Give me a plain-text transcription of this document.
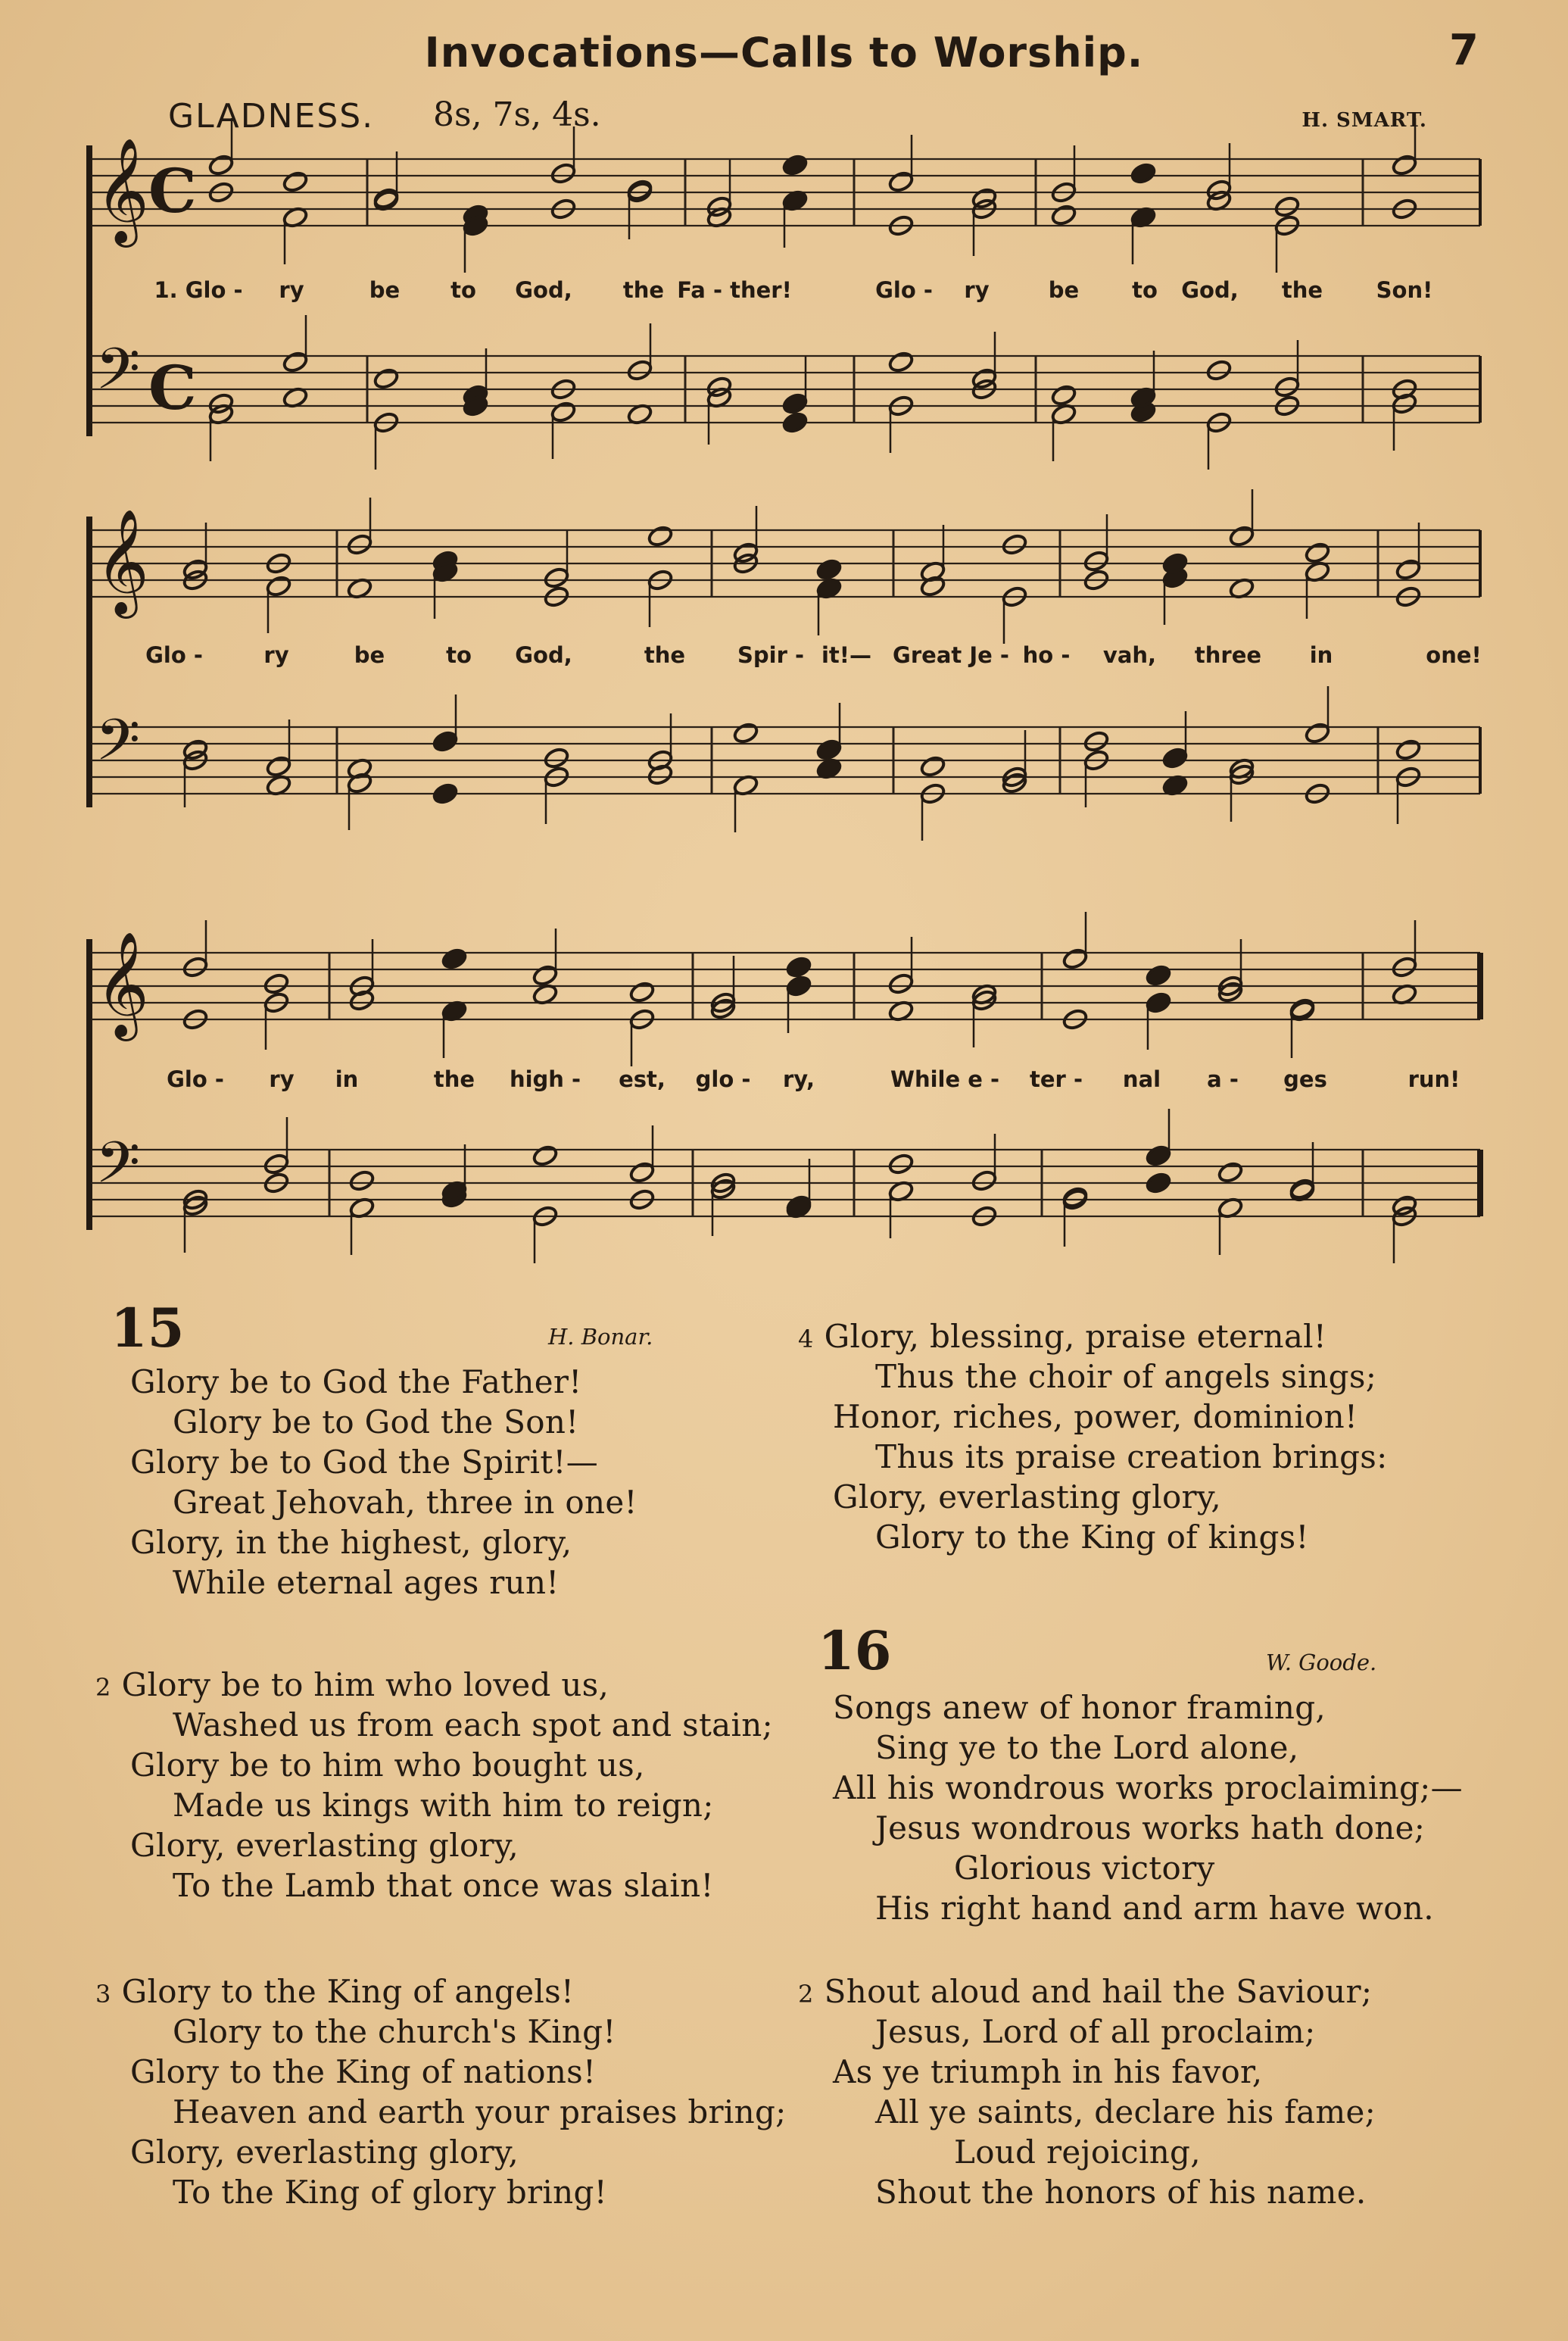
Invocations—Calls to Worship.	7
GLADNESS. 8s, 7s, 4s.	H. SMART.
𝄞 C
𝄢 C
𝄞
𝄢
𝄞
𝄢
1. Glo - ry	be to God, the Fa - ther!	Glo - ry	be to God, the Son!
Glo -	ry	be	to God,	the Spir - it!— Great Je - ho - vah, three in	one!
Glo - ry in	the high - est, glo - ry,	While e - ter - nal a - ges	run!
15	H. Bonar.
16	W. Goode.
Glory be to God the Father!
Glory be to God the Son!
Glory be to God the Spirit!—
Great Jehovah, three in one!
Glory, in the highest, glory,
While eternal ages run!
2 Glory be to him who loved us,
Washed us from each spot and stain;
Glory be to him who bought us,
Made us kings with him to reign;
Glory, everlasting glory,
To the Lamb that once was slain!
3 Glory to the King of angels!
Glory to the church's King!
Glory to the King of nations!
Heaven and earth your praises bring;
Glory, everlasting glory,
To the King of glory bring!
4 Glory, blessing, praise eternal!
Thus the choir of angels sings;
Honor, riches, power, dominion!
Thus its praise creation brings:
Glory, everlasting glory,
Glory to the King of kings!
Songs anew of honor framing,
Sing ye to the Lord alone,
All his wondrous works proclaiming;—
Jesus wondrous works hath done;
Glorious victory
His right hand and arm have won.
2 Shout aloud and hail the Saviour;
Jesus, Lord of all proclaim;
As ye triumph in his favor,
All ye saints, declare his fame;
Loud rejoicing,
Shout the honors of his name.
